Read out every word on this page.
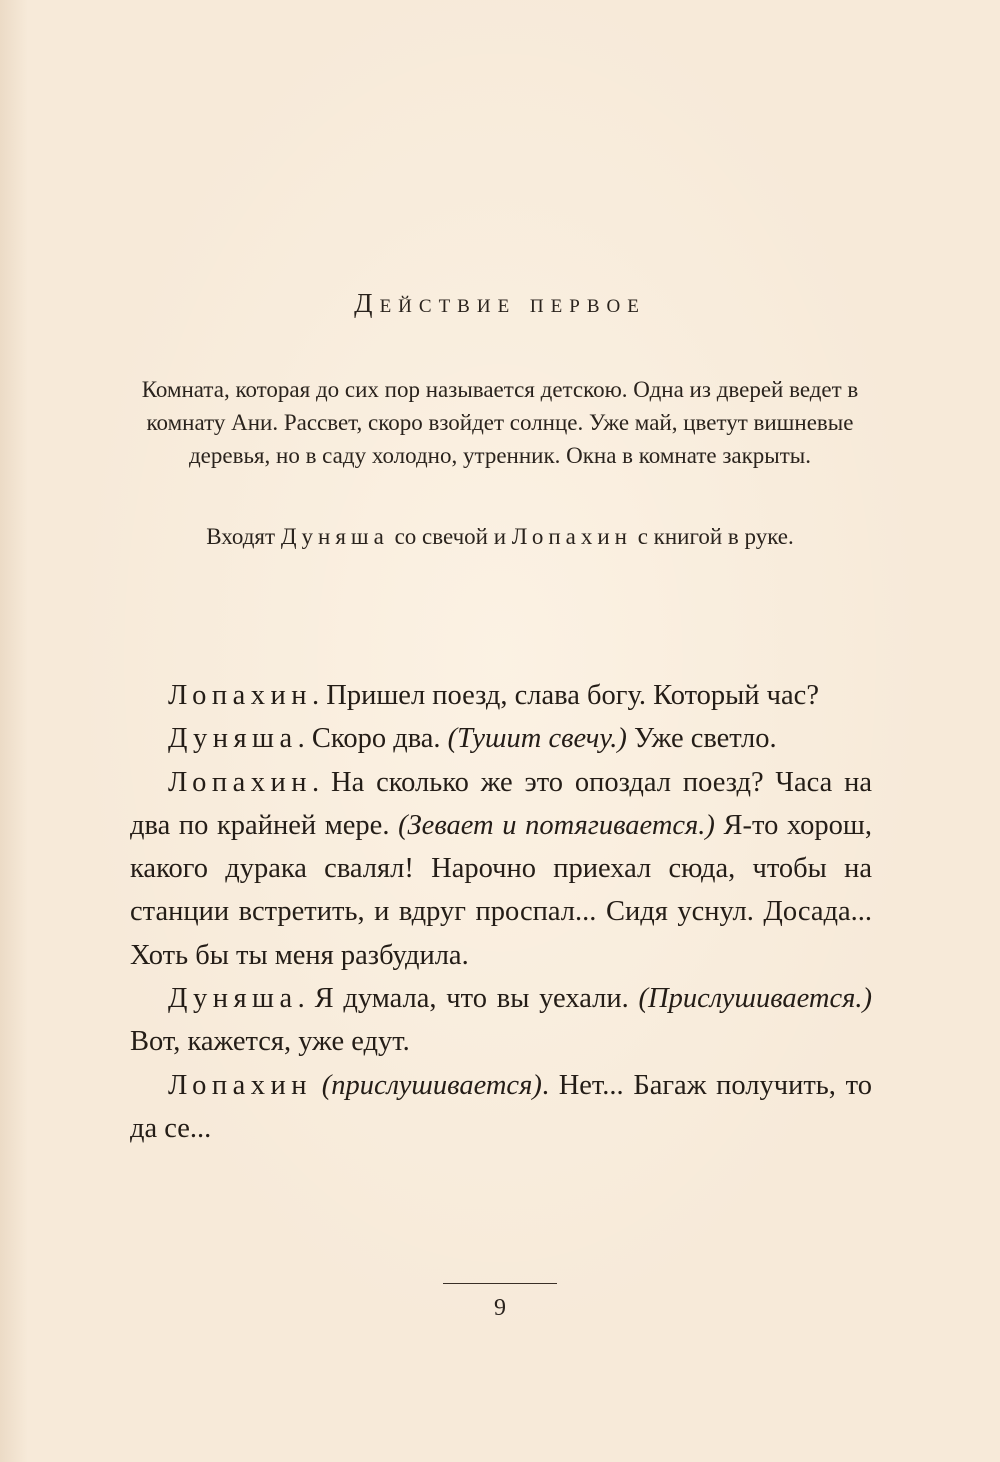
Действие первое
Комната, которая до сих пор называется детскою. Одна из дверей ведет в комнату Ани. Рассвет, скоро взойдет солнце. Уже май, цветут вишневые деревья, но в саду холодно, утренник. Окна в комнате закрыты.
Входят Дуняша со свечой и Лопахин с книгой в руке.

Лопахин. Пришел поезд, слава богу. Который час?

Дуняша. Скоро два. (Тушит свечу.) Уже светло.

Лопахин. На сколько же это опоздал поезд? Часа на два по крайней мере. (Зевает и потягивается.) Я-то хорош, какого дурака свалял! Нарочно приехал сюда, чтобы на станции встретить, и вдруг проспал... Сидя уснул. Досада... Хоть бы ты меня разбудила.

Дуняша. Я думала, что вы уехали. (Прислушивается.) Вот, кажется, уже едут.

Лопахин (прислушивается). Нет... Багаж получить, то да се...

9
